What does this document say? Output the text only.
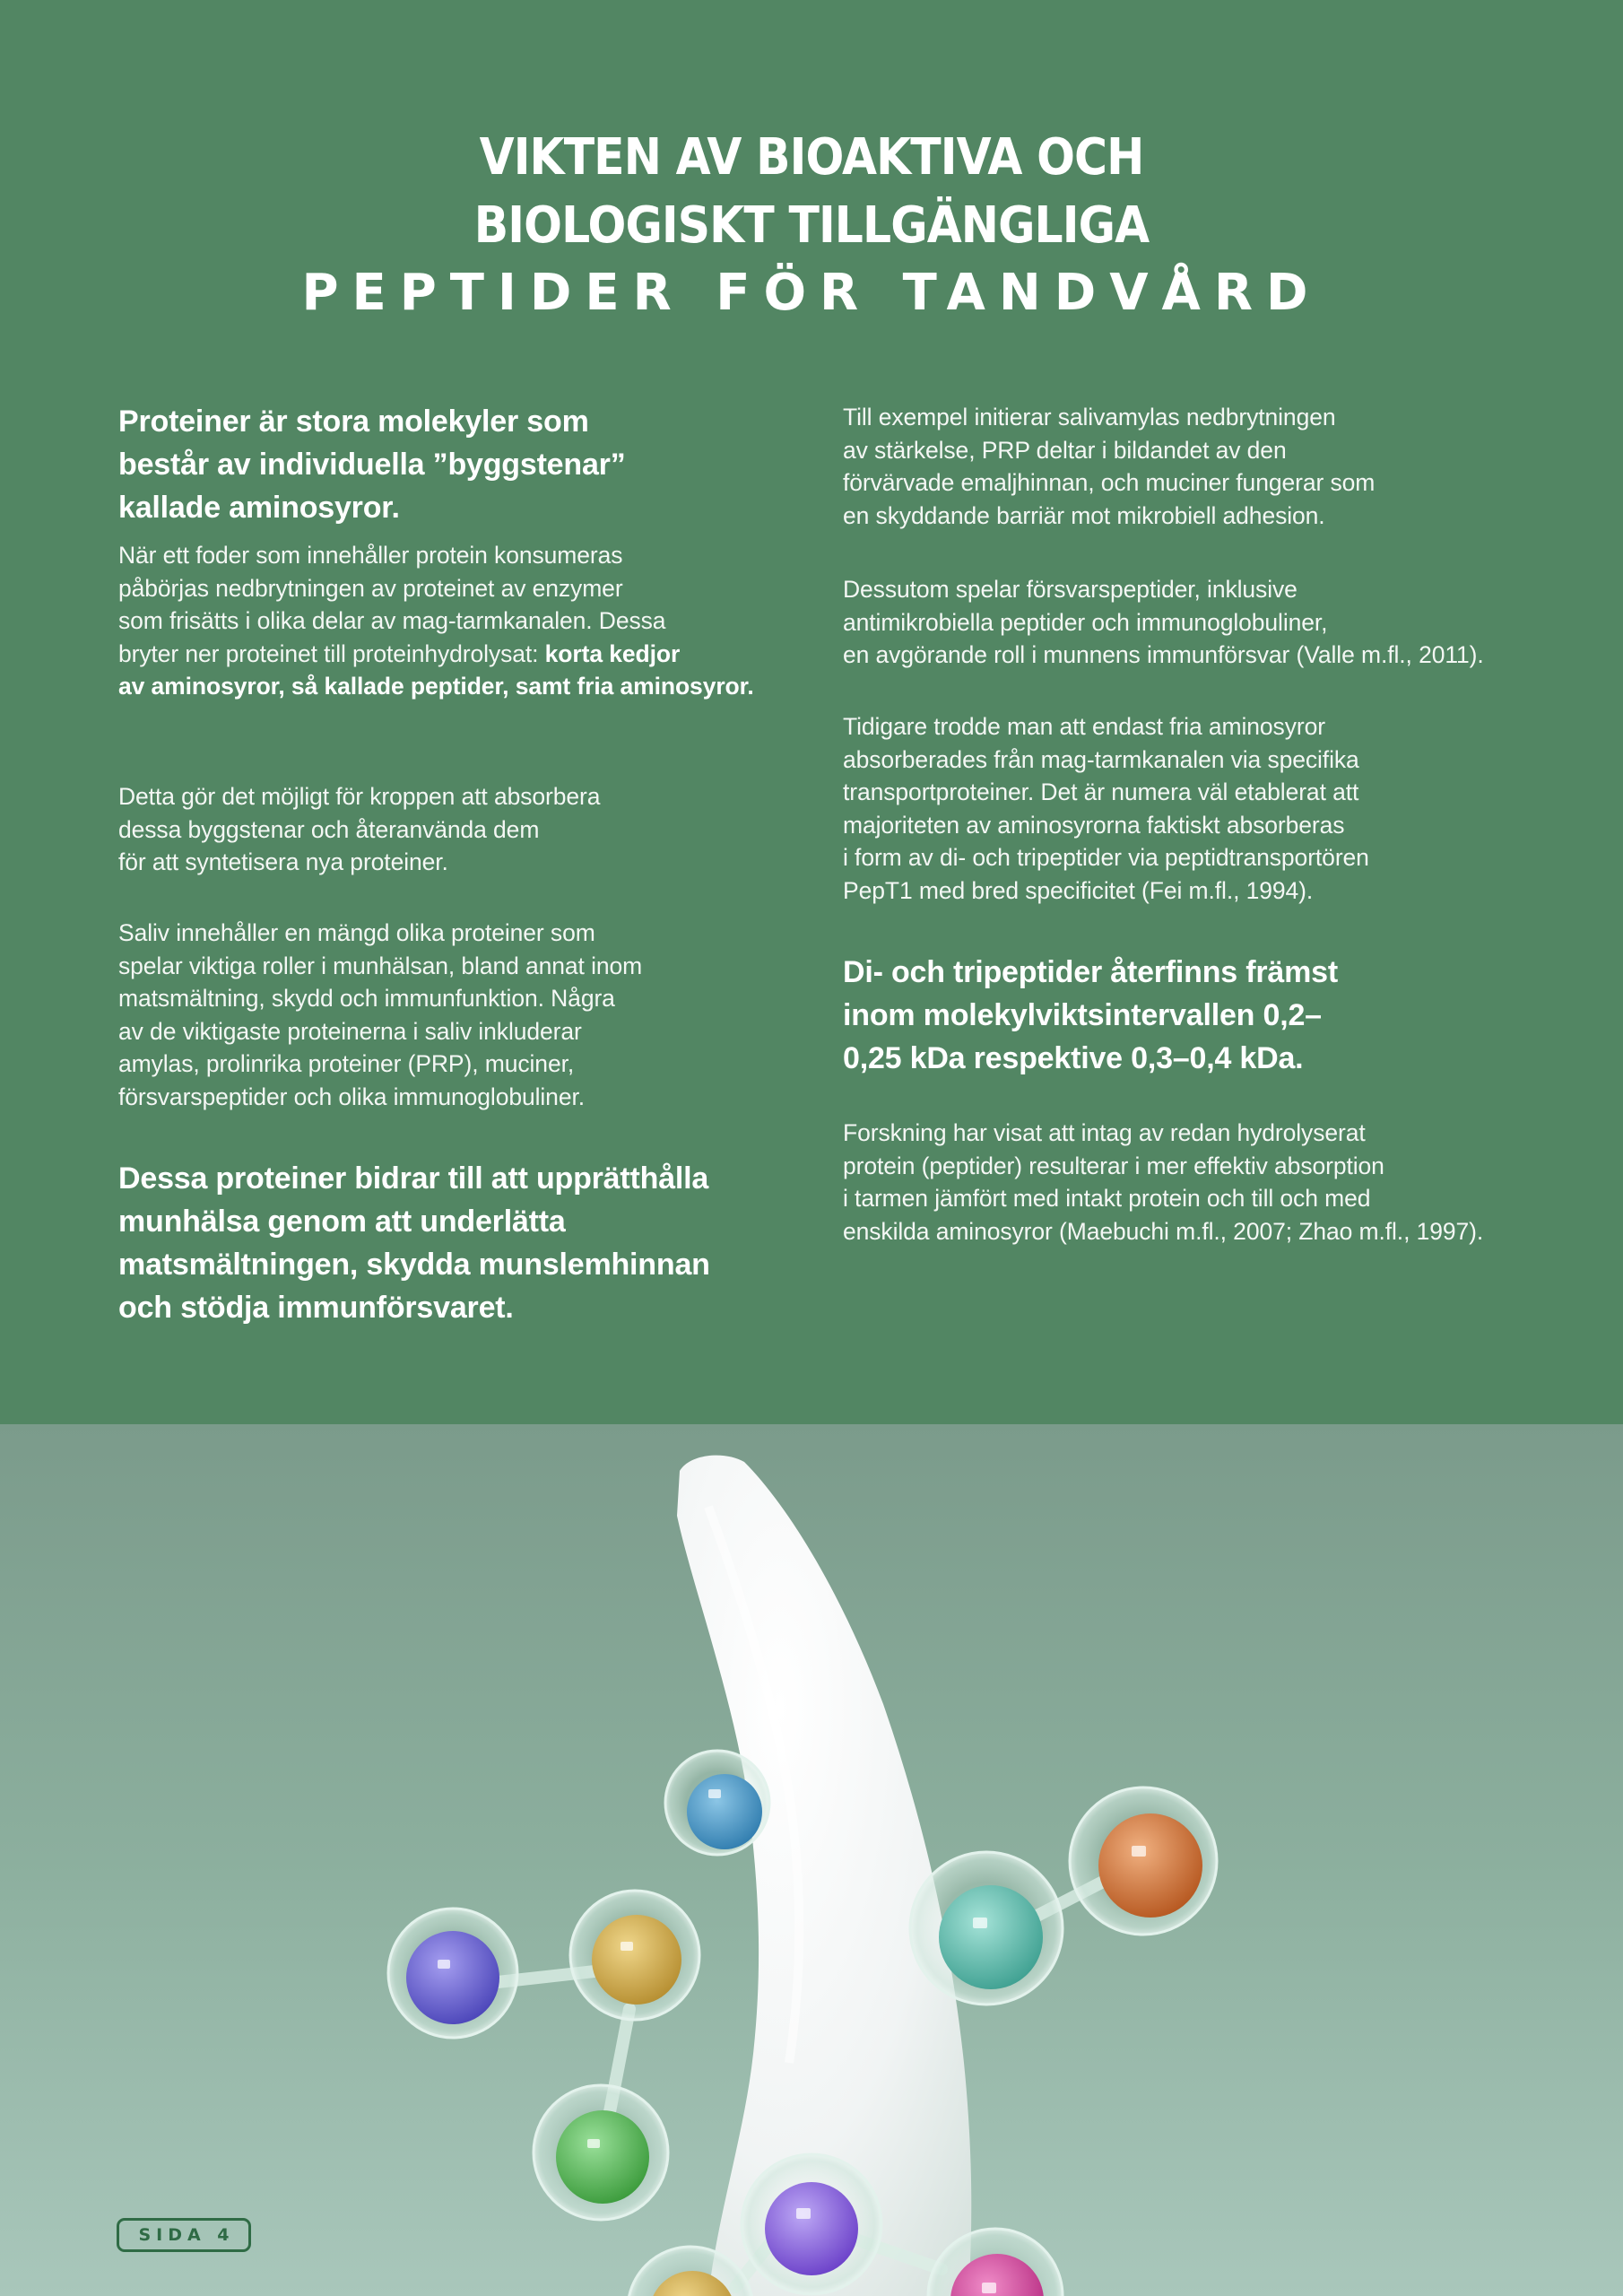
VIKTEN AV BIOAKTIVA OCH
BIOLOGISKT TILLGÄNGLIGA
PEPTIDER FÖR TANDVÅRD
Proteiner är stora molekyler som
består av individuella ”byggstenar”
kallade aminosyror.
När ett foder som innehåller protein konsumeras
påbörjas nedbrytningen av proteinet av enzymer
som frisätts i olika delar av mag-tarmkanalen. Dessa
bryter ner proteinet till proteinhydrolysat: korta kedjor
av aminosyror, så kallade peptider, samt fria aminosyror.
Detta gör det möjligt för kroppen att absorbera
dessa byggstenar och återanvända dem
för att syntetisera nya proteiner.
Saliv innehåller en mängd olika proteiner som
spelar viktiga roller i munhälsan, bland annat inom
matsmältning, skydd och immunfunktion. Några
av de viktigaste proteinerna i saliv inkluderar
amylas, prolinrika proteiner (PRP), muciner,
försvarspeptider och olika immunoglobuliner.
Dessa proteiner bidrar till att upprätthålla
munhälsa genom att underlätta
matsmältningen, skydda munslemhinnan
och stödja immunförsvaret.
Till exempel initierar salivamylas nedbrytningen
av stärkelse, PRP deltar i bildandet av den
förvärvade emaljhinnan, och muciner fungerar som
en skyddande barriär mot mikrobiell adhesion.
Dessutom spelar försvarspeptider, inklusive
antimikrobiella peptider och immunoglobuliner,
en avgörande roll i munnens immunförsvar (Valle m.fl., 2011).
Tidigare trodde man att endast fria aminosyror
absorberades från mag-tarmkanalen via specifika
transportproteiner. Det är numera väl etablerat att
majoriteten av aminosyrorna faktiskt absorberas
i form av di- och tripeptider via peptidtransportören
PepT1 med bred specificitet (Fei m.fl., 1994).
Di- och tripeptider återfinns främst
inom molekylviktsintervallen 0,2–
0,25 kDa respektive 0,3–0,4 kDa.
Forskning har visat att intag av redan hydrolyserat
protein (peptider) resulterar i mer effektiv absorption
i tarmen jämfört med intakt protein och till och med
enskilda aminosyror (Maebuchi m.fl., 2007; Zhao m.fl., 1997).
SIDA 4
